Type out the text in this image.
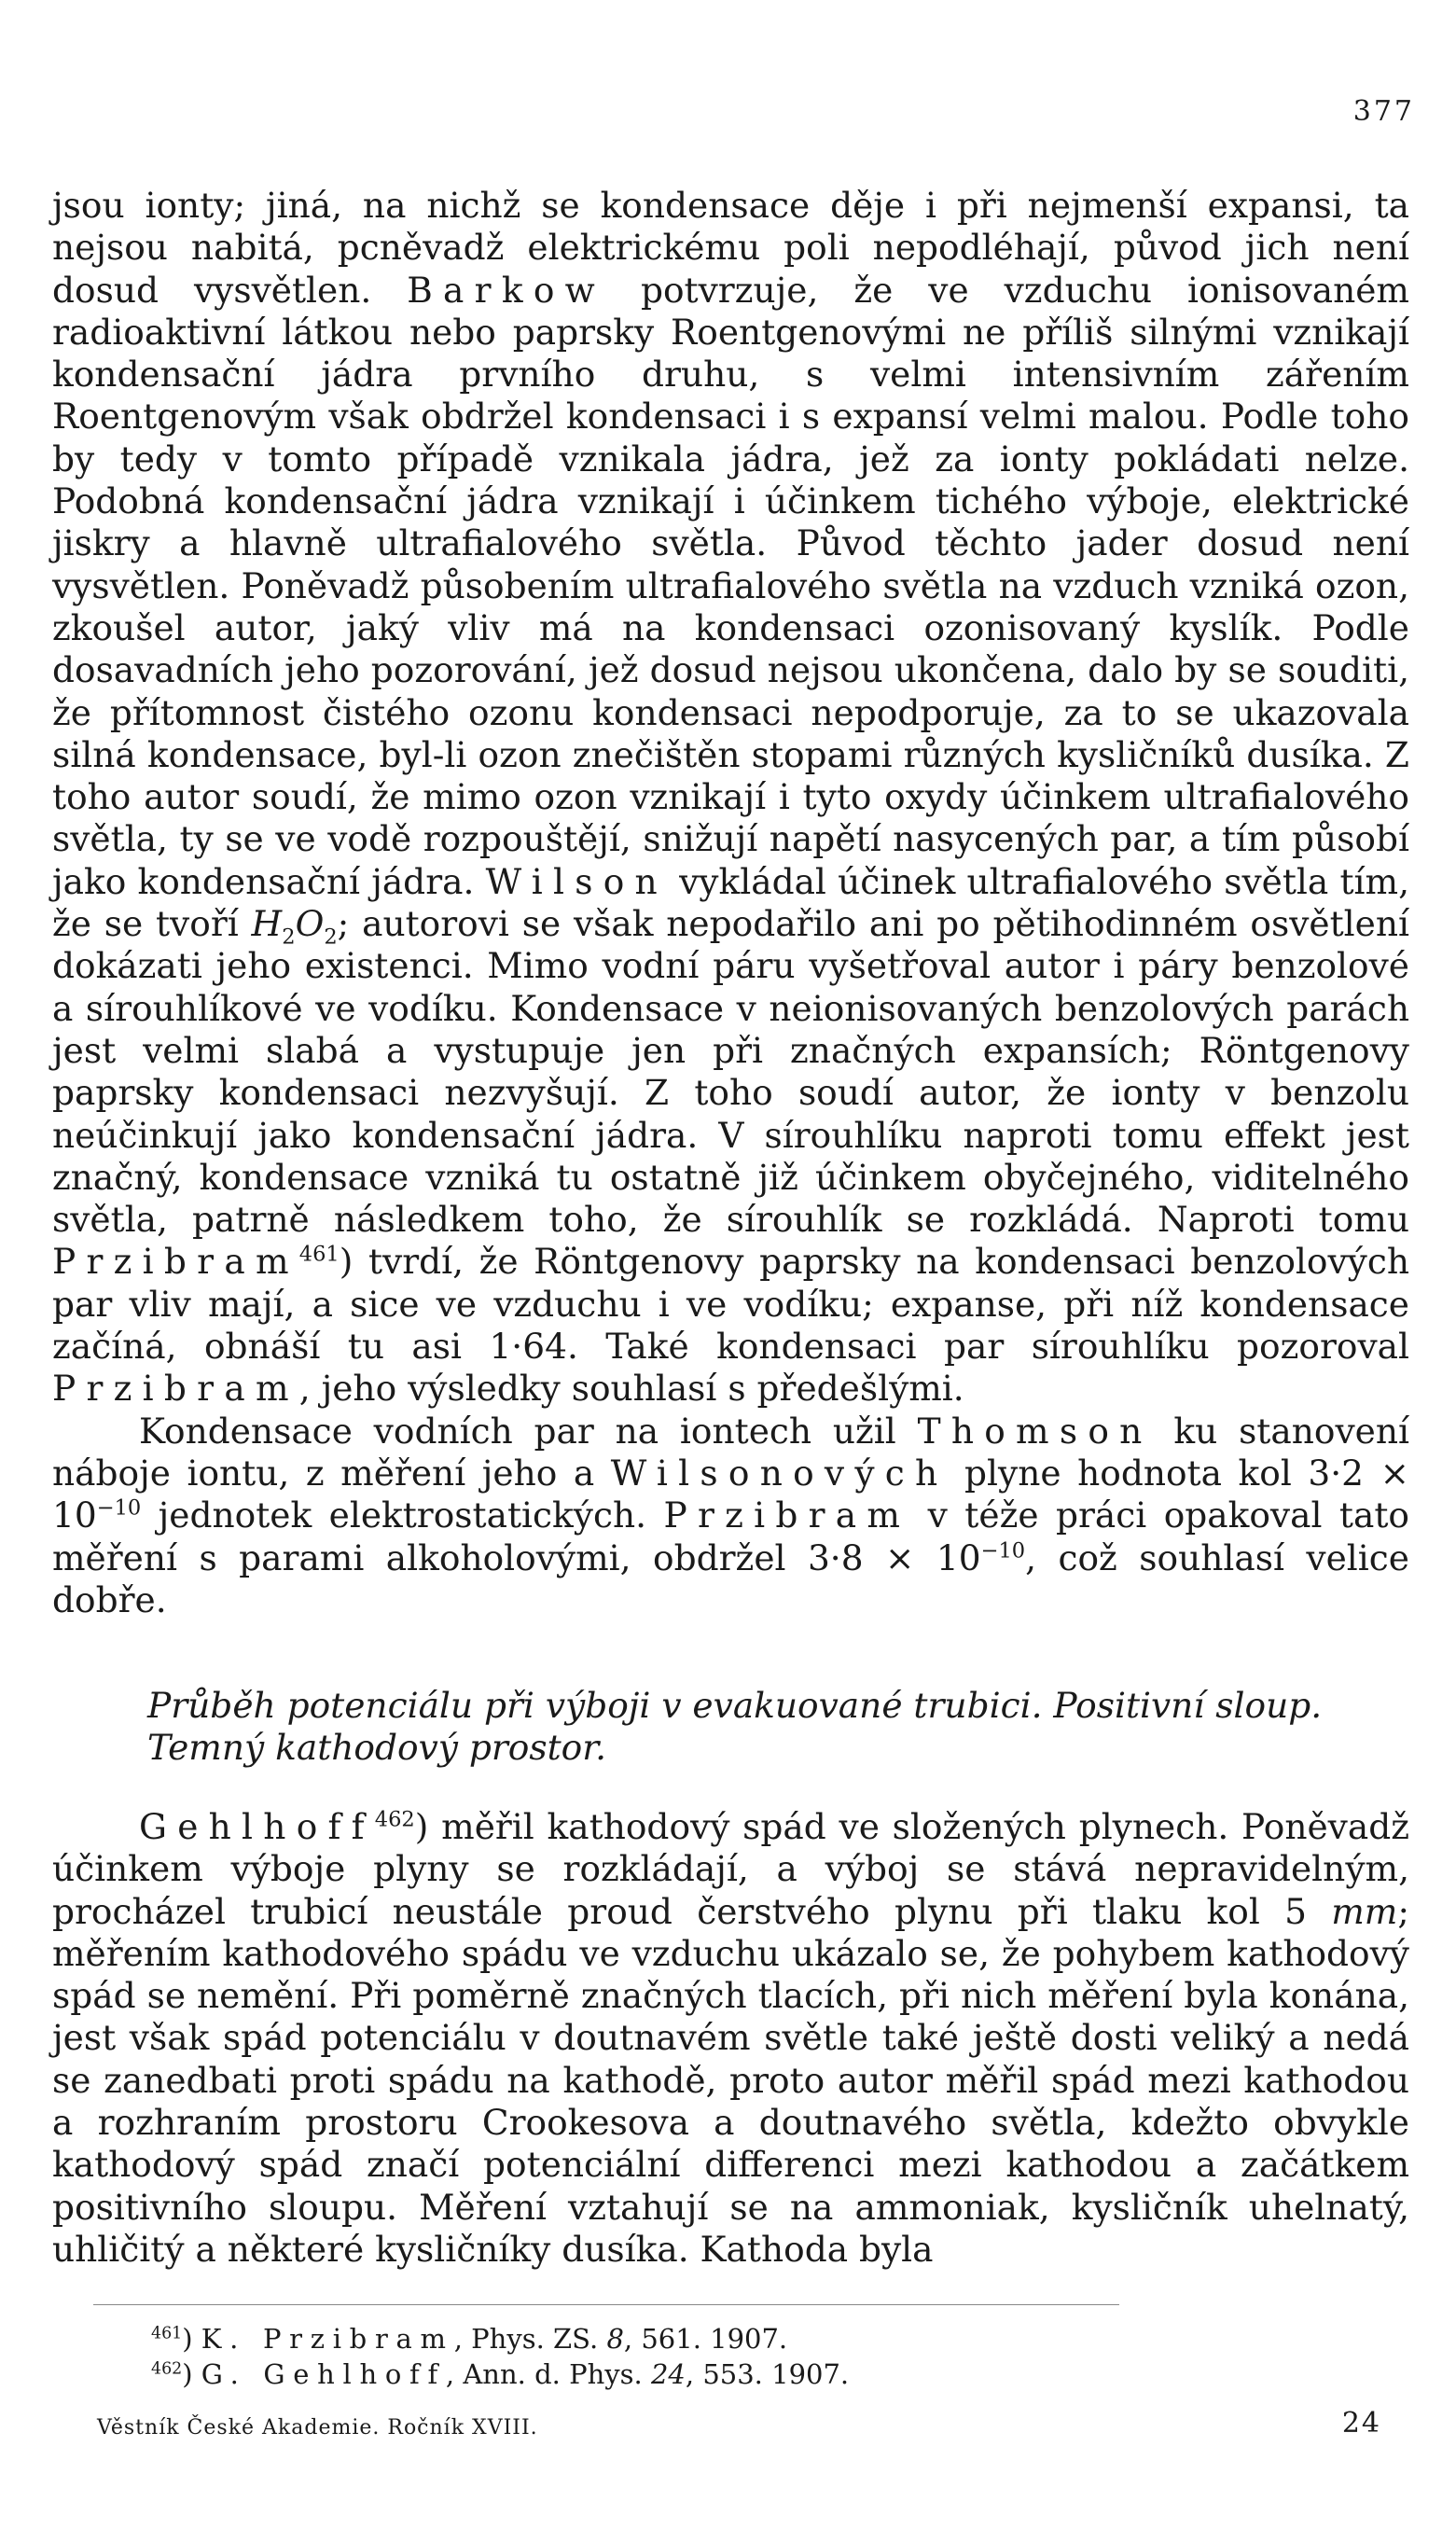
377

jsou ionty; jiná, na nichž se kondensace děje i při nejmenší expansi, ta nejsou nabitá, pcněvadž elektrickému poli nepodléhají, původ jich není dosud vysvětlen. Barkow potvrzuje, že ve vzduchu ionisovaném radioaktivní látkou nebo paprsky Roentgenovými ne příliš silnými vznikají kondensační jádra prvního druhu, s velmi intensivním zářením Roentgenovým však obdržel kondensaci i s expansí velmi malou. Podle toho by tedy v tomto případě vznikala jádra, jež za ionty pokládati nelze. Podobná kondensační jádra vznikají i účinkem tichého výboje, elektrické jiskry a hlavně ultrafialového světla. Původ těchto jader dosud není vysvětlen. Poněvadž působením ultrafialového světla na vzduch vzniká ozon, zkoušel autor, jaký vliv má na kondensaci ozonisovaný kyslík. Podle dosavadních jeho pozorování, jež dosud nejsou ukončena, dalo by se souditi, že přítomnost čistého ozonu kondensaci nepodporuje, za to se ukazovala silná kondensace, byl-li ozon znečištěn stopami různých kysličníků dusíka. Z toho autor soudí, že mimo ozon vznikají i tyto oxydy účinkem ultrafialového světla, ty se ve vodě rozpouštějí, snižují napětí nasycených par, a tím působí jako kondensační jádra. Wilson vykládal účinek ultrafialového světla tím, že se tvoří $H_2O_2$; autorovi se však nepodařilo ani po pětihodinném osvětlení dokázati jeho existenci. Mimo vodní páru vyšetřoval autor i páry benzolové a sírouhlíkové ve vodíku. Kondensace v neionisovaných benzolových parách jest velmi slabá a vystupuje jen při značných expansích; Röntgenovy paprsky kondensaci nezvyšují. Z toho soudí autor, že ionty v benzolu neúčinkují jako kondensační jádra. V sírouhlíku naproti tomu effekt jest značný, kondensace vzniká tu ostatně již účinkem obyčejného, viditelného světla, patrně následkem toho, že sírouhlík se rozkládá. Naproti tomu Przibram$^{461}$) tvrdí, že Röntgenovy paprsky na kondensaci benzolových par vliv mají, a sice ve vzduchu i ve vodíku; expanse, při níž kondensace začíná, obnáší tu asi 1·64. Také kondensaci par sírouhlíku pozoroval Przibram, jeho výsledky souhlasí s předešlými.

Kondensace vodních par na iontech užil Thomson ku stanovení náboje iontu, z měření jeho a Wilsonových plyne hodnota kol $3\cdot 2 \times 10^{-10}$ jednotek elektrostatických. Przibram v téže práci opakoval tato měření s parami alkoholovými, obdržel $3\cdot 8 \times 10^{-10}$, což souhlasí velice dobře.

Průběh potenciálu při výboji v evakuované trubici. Positivní sloup. Temný kathodový prostor.

Gehlhoff$^{462}$) měřil kathodový spád ve složených plynech. Poněvadž účinkem výboje plyny se rozkládají, a výboj se stává nepravidelným, procházel trubicí neustále proud čerstvého plynu při tlaku kol 5 mm; měřením kathodového spádu ve vzduchu ukázalo se, že pohybem kathodový spád se nemění. Při poměrně značných tlacích, při nich měření byla konána, jest však spád potenciálu v doutnavém světle také ještě dosti veliký a nedá se zanedbati proti spádu na kathodě, proto autor měřil spád mezi kathodou a rozhraním prostoru Crookesova a doutnavého světla, kdežto obvykle kathodový spád značí potenciální differenci mezi kathodou a začátkem positivního sloupu. Měření vztahují se na ammoniak, kysličník uhelnatý, uhličitý a některé kysličníky dusíka. Kathoda byla

$^{461}$) K. Przibram, Phys. ZS. 8, 561. 1907.

$^{462}$) G. Gehlhoff, Ann. d. Phys. 24, 553. 1907.

Věstník České Akademie. Ročník XVIII.	24
